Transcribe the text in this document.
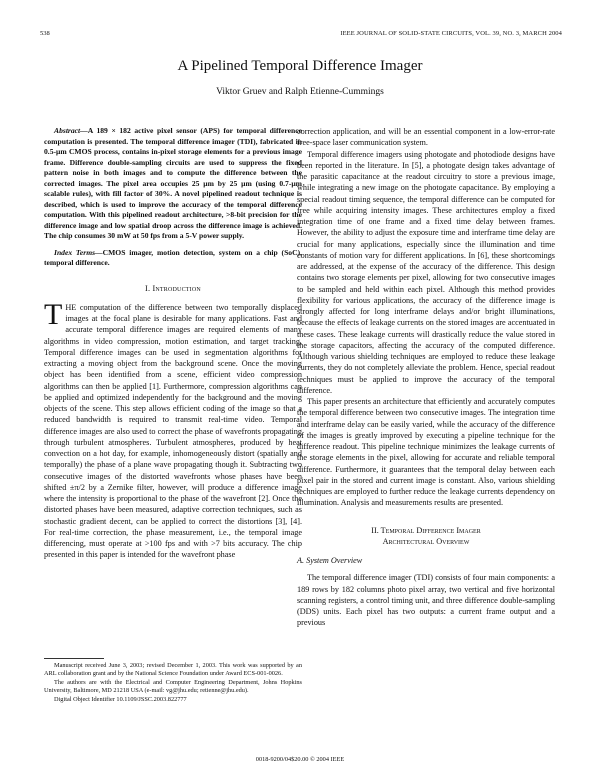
538	IEEE JOURNAL OF SOLID-STATE CIRCUITS, VOL. 39, NO. 3, MARCH 2004
A Pipelined Temporal Difference Imager
Viktor Gruev and Ralph Etienne-Cummings

Abstract—A 189 × 182 active pixel sensor (APS) for temporal difference computation is presented. The temporal difference imager (TDI), fabricated in 0.5-μm CMOS process, contains in-pixel storage elements for a previous image frame. Difference double-sampling circuits are used to suppress the fixed pattern noise in both images and to compute the difference between the corrected images. The pixel area occupies 25 μm by 25 μm (using 0.7-μm scalable rules), with fill factor of 30%. A novel pipelined readout technique is described, which is used to improve the accuracy of the temporal difference computation. With this pipelined readout architecture, >8-bit precision for the difference image and low spatial droop across the difference image is achieved. The chip consumes 30 mW at 50 fps from a 5-V power supply.

Index Terms—CMOS imager, motion detection, system on a chip (SoC), temporal difference.

I. Introduction

THE computation of the difference between two temporally displaced images at the focal plane is desirable for many applications. Fast and accurate temporal difference images are required elements of many algorithms in video compression, motion estimation, and target tracking. Temporal difference images can be used in segmentation algorithms for extracting a moving object from the background scene. Once the moving object has been identified from a scene, efficient video compression algorithms can then be applied [1]. Furthermore, compression algorithms can be applied and optimized independently for the background and the moving objects of the scene. This step allows efficient coding of the image so that a reduced bandwidth is required to transmit real-time video. Temporal difference images are also used to correct the phase of wavefronts propagating through turbulent atmospheres. Turbulent atmospheres, produced by heat convection on a hot day, for example, inhomogeneously distort (spatially and temporally) the phase of a plane wave propagating though it. Subtracting two consecutive images of the distorted wavefronts whose phases have been shifted ±π/2 by a Zernike filter, however, will produce a difference image where the intensity is proportional to the phase of the wavefront [2]. Once the distorted phases have been measured, adaptive correction techniques, such as stochastic gradient decent, can be applied to correct the distortions [3], [4]. For real-time correction, the phase measurement, i.e., the temporal image differencing, must operate at >100 fps and with >7 bits accuracy. The chip presented in this paper is intended for the wavefront phase

correction application, and will be an essential component in a low-error-rate free-space laser communication system.

Temporal difference imagers using photogate and photodiode designs have been reported in the literature. In [5], a photogate design takes advantage of the parasitic capacitance at the readout circuitry to store a previous image, while integrating a new image on the photogate capacitance. By employing a special readout timing sequence, the temporal difference can be computed for free while acquiring intensity images. These architectures employ a fixed integration time of one frame and a fixed time delay between frames. However, the ability to adjust the exposure time and interframe time delay are crucial for many applications, especially since the illumination and time constants of motion vary for different applications. In [6], these shortcomings are addressed, at the expense of the accuracy of the difference. This design contains two storage elements per pixel, allowing for two consecutive images to be sampled and held within each pixel. Although this method provides flexibility for various applications, the accuracy of the difference image is strongly affected for long interframe delays and/or bright illuminations, because the effects of leakage currents on the stored images are accentuated in these cases. These leakage currents will drastically reduce the value stored in the storage capacitors, affecting the accuracy of the computed difference. Although various shielding techniques are employed to reduce these leakage currents, they do not completely alleviate the problem. Hence, special readout techniques must be applied to improve the accuracy of the temporal difference.

This paper presents an architecture that efficiently and accurately computes the temporal difference between two consecutive images. The integration time and interframe delay can be easily varied, while the accuracy of the difference of the images is greatly improved by executing a pipeline technique for the difference readout. This pipeline technique minimizes the leakage currents of the storage elements in the pixel, allowing for accurate and reliable temporal difference. Furthermore, it guarantees that the temporal delay between each pixel pair in the stored and current image is constant. Also, various shielding techniques are employed to further reduce the leakage currents dependency on illumination. Analysis and measurements results are presented.

II. Temporal Difference Imager
Architectural Overview

A. System Overview

The temporal difference imager (TDI) consists of four main components: a 189 rows by 182 columns photo pixel array, two vertical and five horizontal scanning registers, a control timing unit, and three difference double-sampling (DDS) units. Each pixel has two outputs: a current frame output and a previous

Manuscript received June 3, 2003; revised December 1, 2003. This work was supported by an ARL collaboration grant and by the National Science Foundation under Award ECS-001-0026.

The authors are with the Electrical and Computer Engineering Department, Johns Hopkins University, Baltimore, MD 21218 USA (e-mail: vg@jhu.edu; retienne@jhu.edu).

Digital Object Identifier 10.1109/JSSC.2003.822777

0018-9200/04$20.00 © 2004 IEEE
